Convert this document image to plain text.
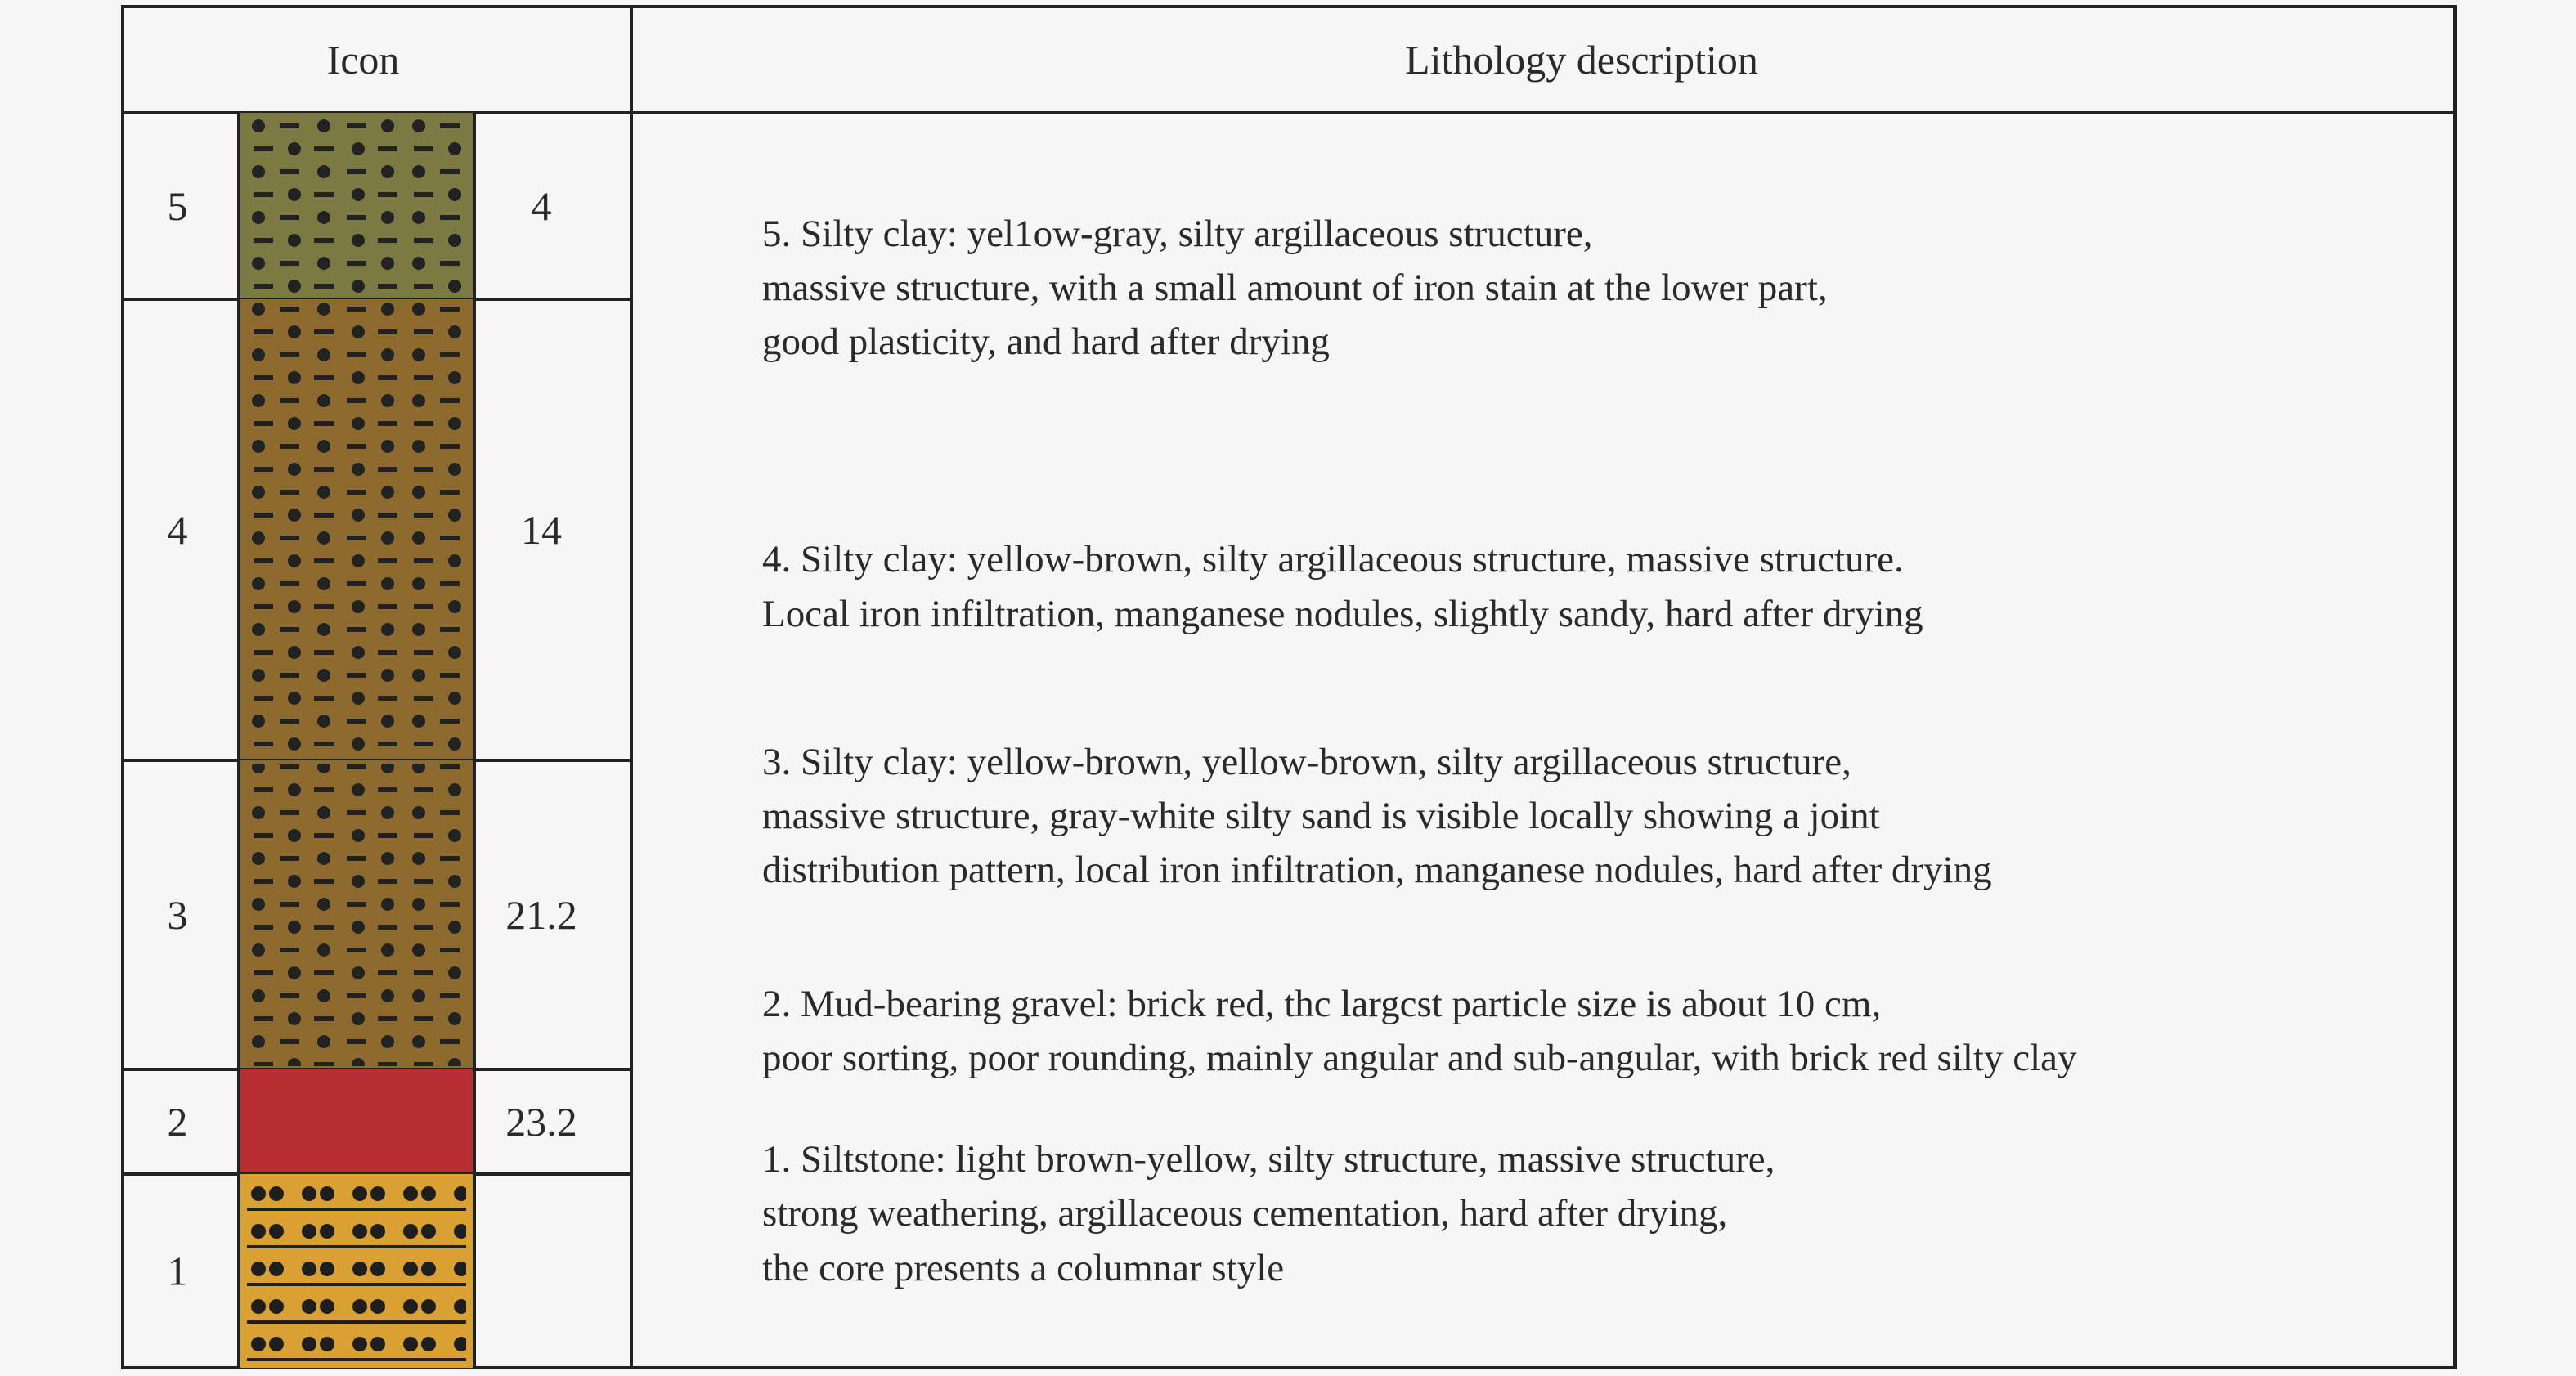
Icon	Lithology description
5	4
5. Silty clay: yel1ow-gray, silty argillaceous structure,
massive structure, with a small amount of iron stain at the lower part,
good plasticity, and hard after drying
4	14
4. Silty clay: yellow-brown, silty argillaceous structure, massive structure.
Local iron infiltration, manganese nodules, slightly sandy, hard after drying
3	21.2
3. Silty clay: yellow-brown, yellow-brown, silty argillaceous structure,
massive structure, gray-white silty sand is visible locally showing a joint
distribution pattern, local iron infiltration, manganese nodules, hard after drying
2	23.2
2. Mud-bearing gravel: brick red, thc largcst particle size is about 10 cm,
poor sorting, poor rounding, mainly angular and sub-angular, with brick red silty clay
1
1. Siltstone: light brown-yellow, silty structure, massive structure,
strong weathering, argillaceous cementation, hard after drying,
the core presents a columnar style
